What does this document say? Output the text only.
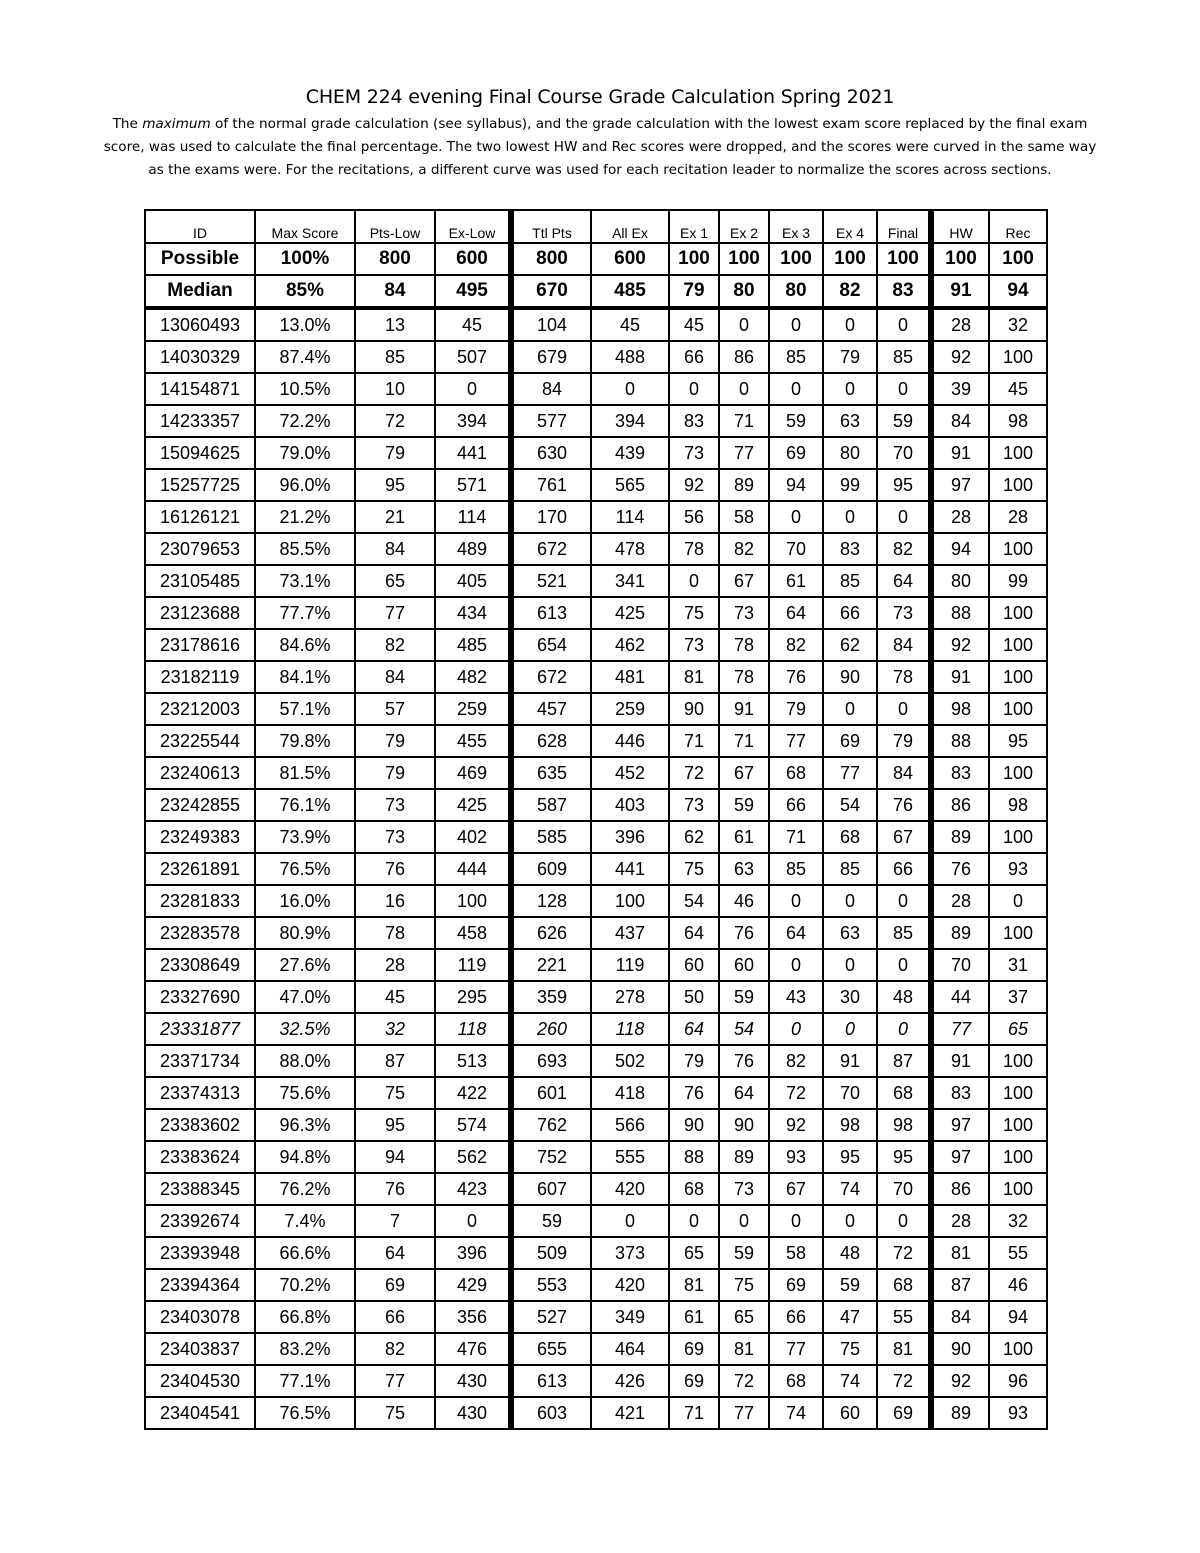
CHEM 224 evening Final Course Grade Calculation Spring 2021
The maximum of the normal grade calculation (see syllabus), and the grade calculation with the lowest exam score replaced by the final exam score, was used to calculate the final percentage. The two lowest HW and Rec scores were dropped, and the scores were curved in the same way as the exams were. For the recitations, a different curve was used for each recitation leader to normalize the scores across sections.
ID	Max Score	Pts-Low	Ex-Low	Ttl Pts	All Ex	Ex 1	Ex 2	Ex 3	Ex 4	Final	HW	Rec
Possible	100%	800	600	800	600	100	100	100	100	100	100	100
Median	85%	84	495	670	485	79	80	80	82	83	91	94
13060493	13.0%	13	45	104	45	45	0	0	0	0	28	32
14030329	87.4%	85	507	679	488	66	86	85	79	85	92	100
14154871	10.5%	10	0	84	0	0	0	0	0	0	39	45
14233357	72.2%	72	394	577	394	83	71	59	63	59	84	98
15094625	79.0%	79	441	630	439	73	77	69	80	70	91	100
15257725	96.0%	95	571	761	565	92	89	94	99	95	97	100
16126121	21.2%	21	114	170	114	56	58	0	0	0	28	28
23079653	85.5%	84	489	672	478	78	82	70	83	82	94	100
23105485	73.1%	65	405	521	341	0	67	61	85	64	80	99
23123688	77.7%	77	434	613	425	75	73	64	66	73	88	100
23178616	84.6%	82	485	654	462	73	78	82	62	84	92	100
23182119	84.1%	84	482	672	481	81	78	76	90	78	91	100
23212003	57.1%	57	259	457	259	90	91	79	0	0	98	100
23225544	79.8%	79	455	628	446	71	71	77	69	79	88	95
23240613	81.5%	79	469	635	452	72	67	68	77	84	83	100
23242855	76.1%	73	425	587	403	73	59	66	54	76	86	98
23249383	73.9%	73	402	585	396	62	61	71	68	67	89	100
23261891	76.5%	76	444	609	441	75	63	85	85	66	76	93
23281833	16.0%	16	100	128	100	54	46	0	0	0	28	0
23283578	80.9%	78	458	626	437	64	76	64	63	85	89	100
23308649	27.6%	28	119	221	119	60	60	0	0	0	70	31
23327690	47.0%	45	295	359	278	50	59	43	30	48	44	37
23331877	32.5%	32	118	260	118	64	54	0	0	0	77	65
23371734	88.0%	87	513	693	502	79	76	82	91	87	91	100
23374313	75.6%	75	422	601	418	76	64	72	70	68	83	100
23383602	96.3%	95	574	762	566	90	90	92	98	98	97	100
23383624	94.8%	94	562	752	555	88	89	93	95	95	97	100
23388345	76.2%	76	423	607	420	68	73	67	74	70	86	100
23392674	7.4%	7	0	59	0	0	0	0	0	0	28	32
23393948	66.6%	64	396	509	373	65	59	58	48	72	81	55
23394364	70.2%	69	429	553	420	81	75	69	59	68	87	46
23403078	66.8%	66	356	527	349	61	65	66	47	55	84	94
23403837	83.2%	82	476	655	464	69	81	77	75	81	90	100
23404530	77.1%	77	430	613	426	69	72	68	74	72	92	96
23404541	76.5%	75	430	603	421	71	77	74	60	69	89	93
